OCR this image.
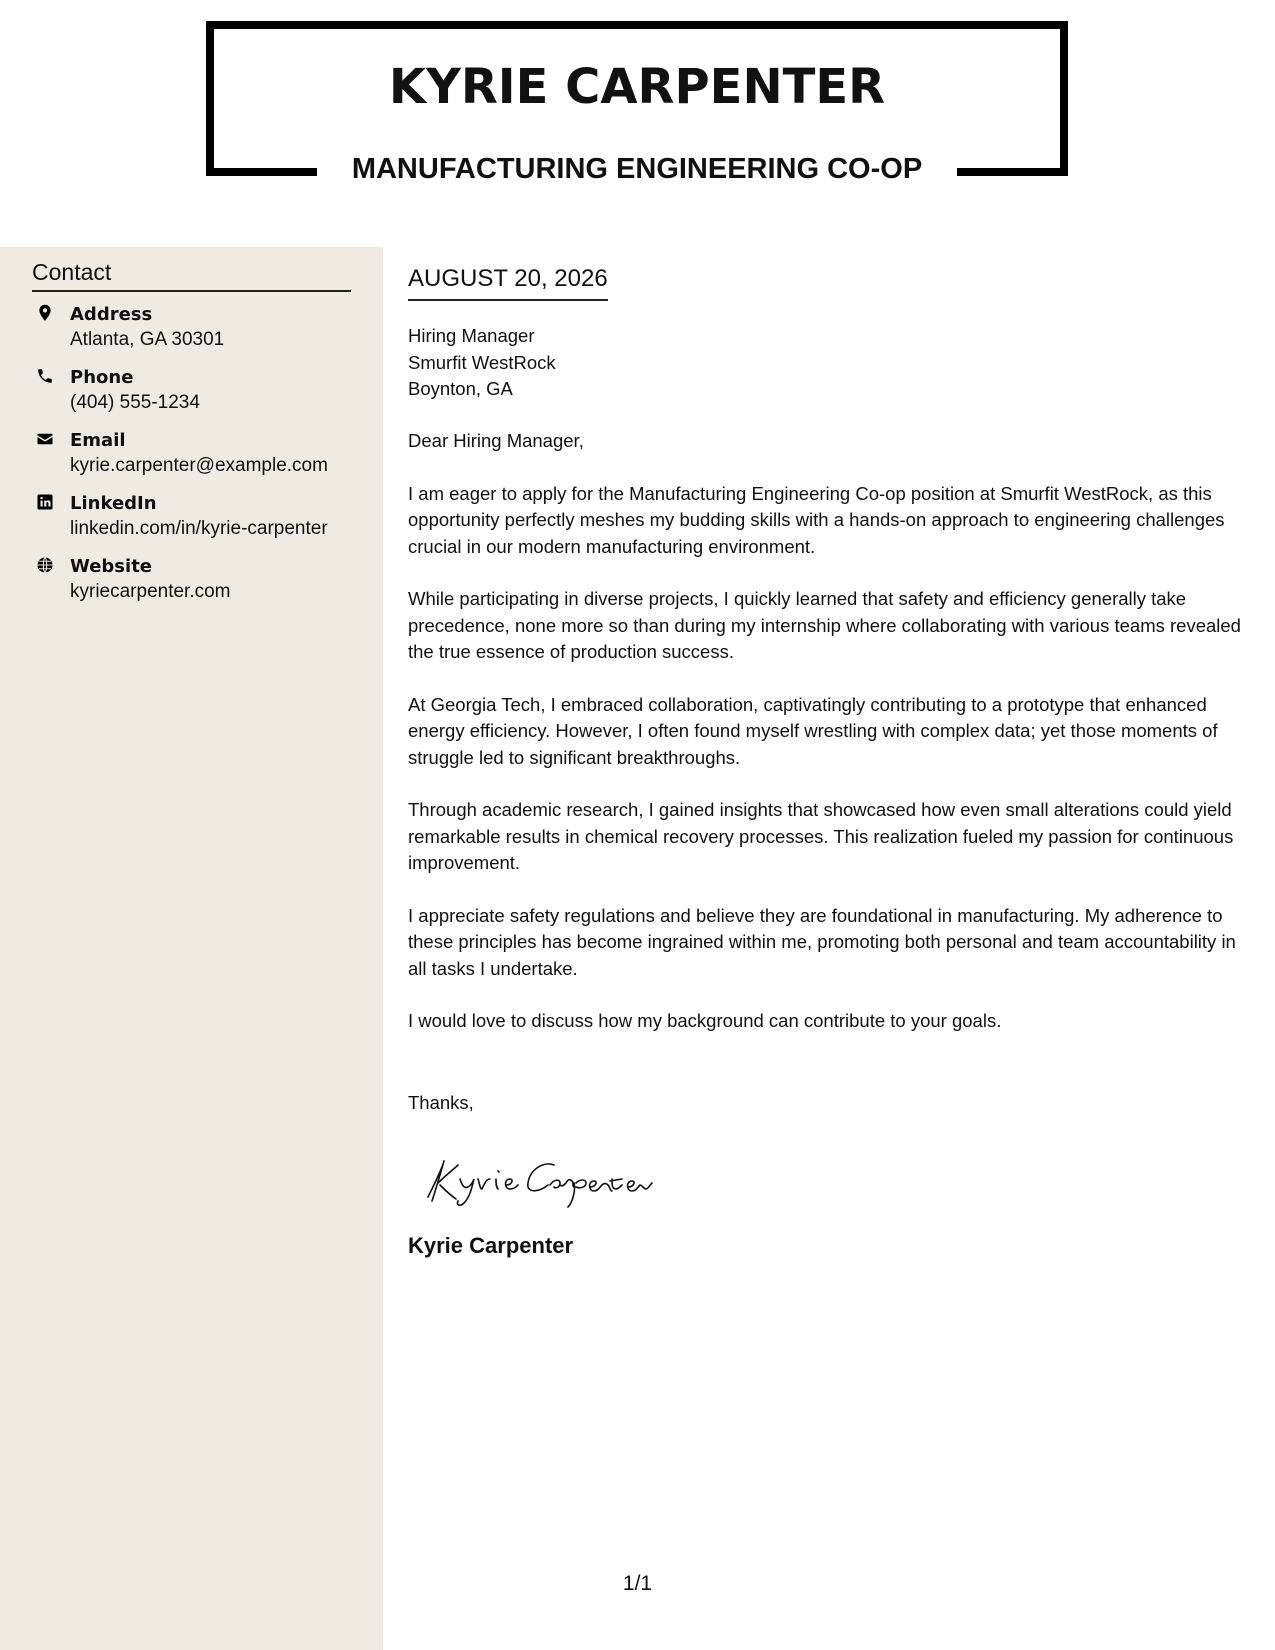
KYRIE CARPENTER
MANUFACTURING ENGINEERING CO-OP
Contact
Address
Atlanta, GA 30301
Phone
(404) 555-1234
Email
kyrie.carpenter@example.com
LinkedIn
linkedin.com/in/kyrie-carpenter
Website
kyriecarpenter.com
AUGUST 20, 2026
Hiring Manager
Smurfit WestRock
Boynton, GA

Dear Hiring Manager,

I am eager to apply for the Manufacturing Engineering Co-op position at Smurfit WestRock, as this opportunity perfectly meshes my budding skills with a hands-on approach to engineering challenges crucial in our modern manufacturing environment.

While participating in diverse projects, I quickly learned that safety and efficiency generally take precedence, none more so than during my internship where collaborating with various teams revealed the true essence of production success.

At Georgia Tech, I embraced collaboration, captivatingly contributing to a prototype that enhanced energy efficiency. However, I often found myself wrestling with complex data; yet those moments of struggle led to significant breakthroughs.

Through academic research, I gained insights that showcased how even small alterations could yield remarkable results in chemical recovery processes. This realization fueled my passion for continuous improvement.

I appreciate safety regulations and believe they are foundational in manufacturing. My adherence to these principles has become ingrained within me, promoting both personal and team accountability in all tasks I undertake.

I would love to discuss how my background can contribute to your goals.

Thanks,
Kyrie Carpenter
1/1
